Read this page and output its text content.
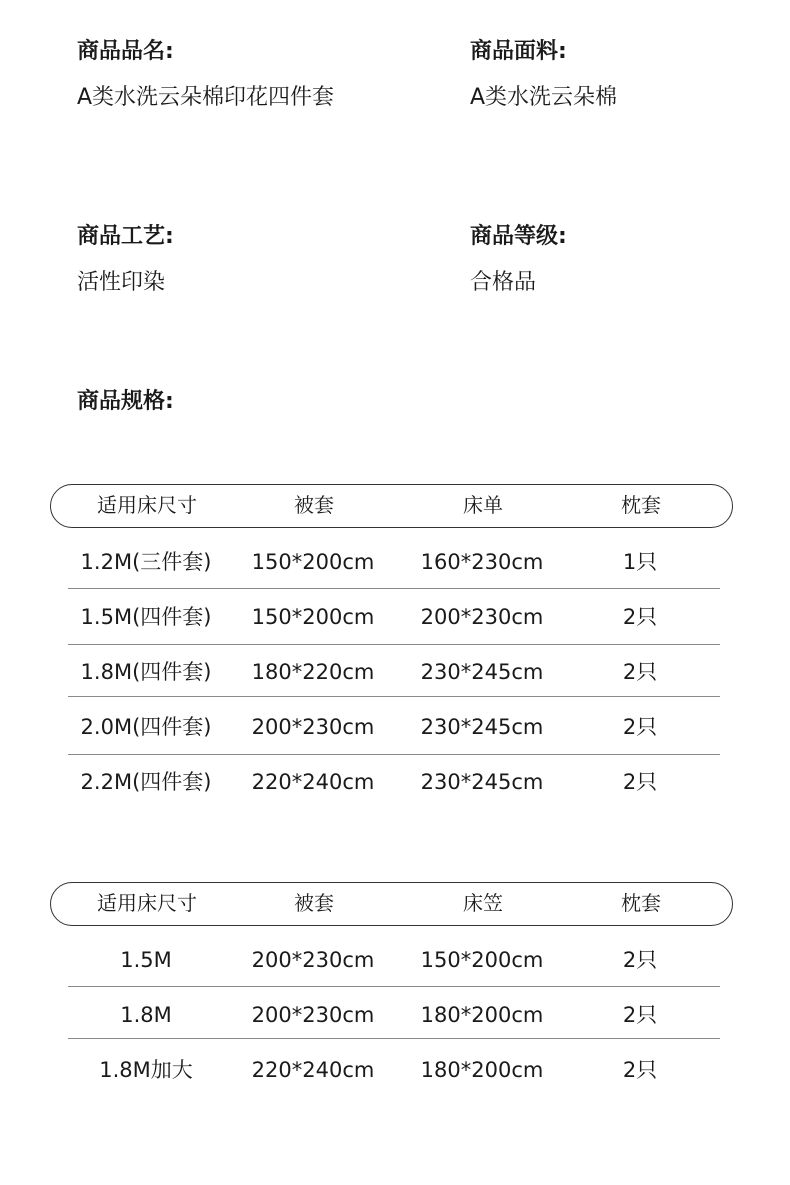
商品品名:
A类水洗云朵棉印花四件套
商品面料:
A类水洗云朵棉
商品工艺:
活性印染
商品等级:
合格品
商品规格:
适用床尺寸	被套	床单	枕套
1.2M(三件套) 150*200cm 160*230cm	1只
1.5M(四件套) 150*200cm 200*230cm	2只
1.8M(四件套) 180*220cm 230*245cm	2只
2.0M(四件套) 200*230cm 230*245cm	2只
2.2M(四件套) 220*240cm 230*245cm	2只
适用床尺寸	被套	床笠	枕套
1.5M	200*230cm 150*200cm	2只
1.8M	200*230cm 180*200cm	2只
1.8M加大	220*240cm 180*200cm	2只
